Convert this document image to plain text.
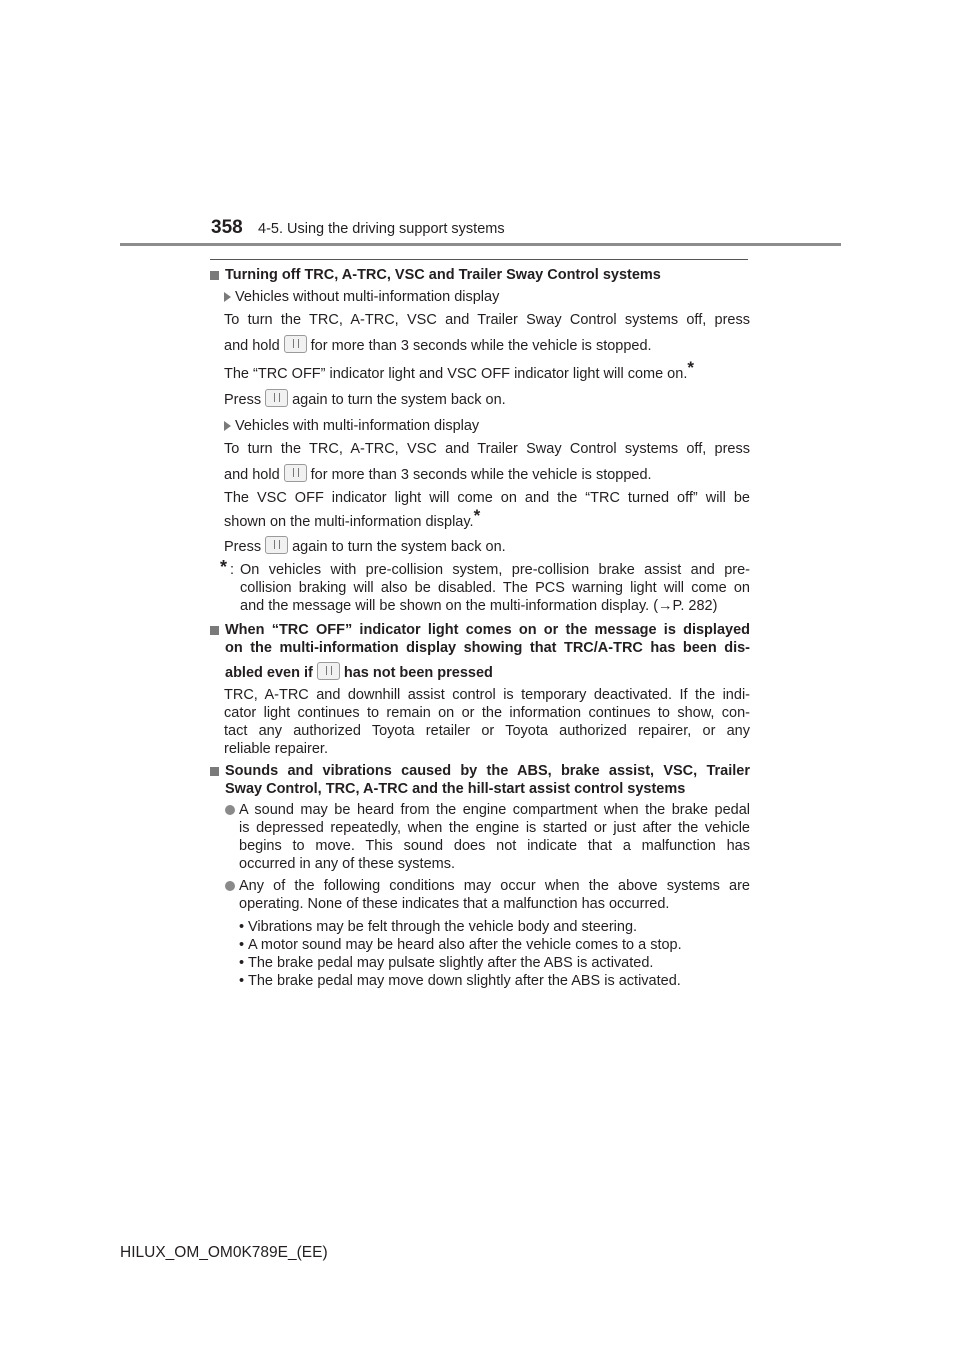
358 4-5. Using the driving support systems

Turning off TRC, A-TRC, VSC and Trailer Sway Control systems

Vehicles without multi-information display

To turn the TRC, A-TRC, VSC and Trailer Sway Control systems off, press

and hold for more than 3 seconds while the vehicle is stopped.

The “TRC OFF” indicator light and VSC OFF indicator light will come on.*

Press again to turn the system back on.

Vehicles with multi-information display

To turn the TRC, A-TRC, VSC and Trailer Sway Control systems off, press

and hold for more than 3 seconds while the vehicle is stopped.

The VSC OFF indicator light will come on and the “TRC turned off” will be

shown on the multi-information display.*

Press again to turn the system back on.

* : On vehicles with pre-collision system, pre-collision brake assist and pre-

collision braking will also be disabled. The PCS warning light will come on

and the message will be shown on the multi-information display. (→P. 282)

When “TRC OFF” indicator light comes on or the message is displayed

on the multi-information display showing that TRC/A-TRC has been dis-

abled even if has not been pressed

TRC, A-TRC and downhill assist control is temporary deactivated. If the indi-

cator light continues to remain on or the information continues to show, con-

tact any authorized Toyota retailer or Toyota authorized repairer, or any

reliable repairer.

Sounds and vibrations caused by the ABS, brake assist, VSC, Trailer

Sway Control, TRC, A-TRC and the hill-start assist control systems

A sound may be heard from the engine compartment when the brake pedal

is depressed repeatedly, when the engine is started or just after the vehicle

begins to move. This sound does not indicate that a malfunction has

occurred in any of these systems.

Any of the following conditions may occur when the above systems are

operating. None of these indicates that a malfunction has occurred.

• Vibrations may be felt through the vehicle body and steering.

• A motor sound may be heard also after the vehicle comes to a stop.

• The brake pedal may pulsate slightly after the ABS is activated.

• The brake pedal may move down slightly after the ABS is activated.

HILUX_OM_OM0K789E_(EE)
